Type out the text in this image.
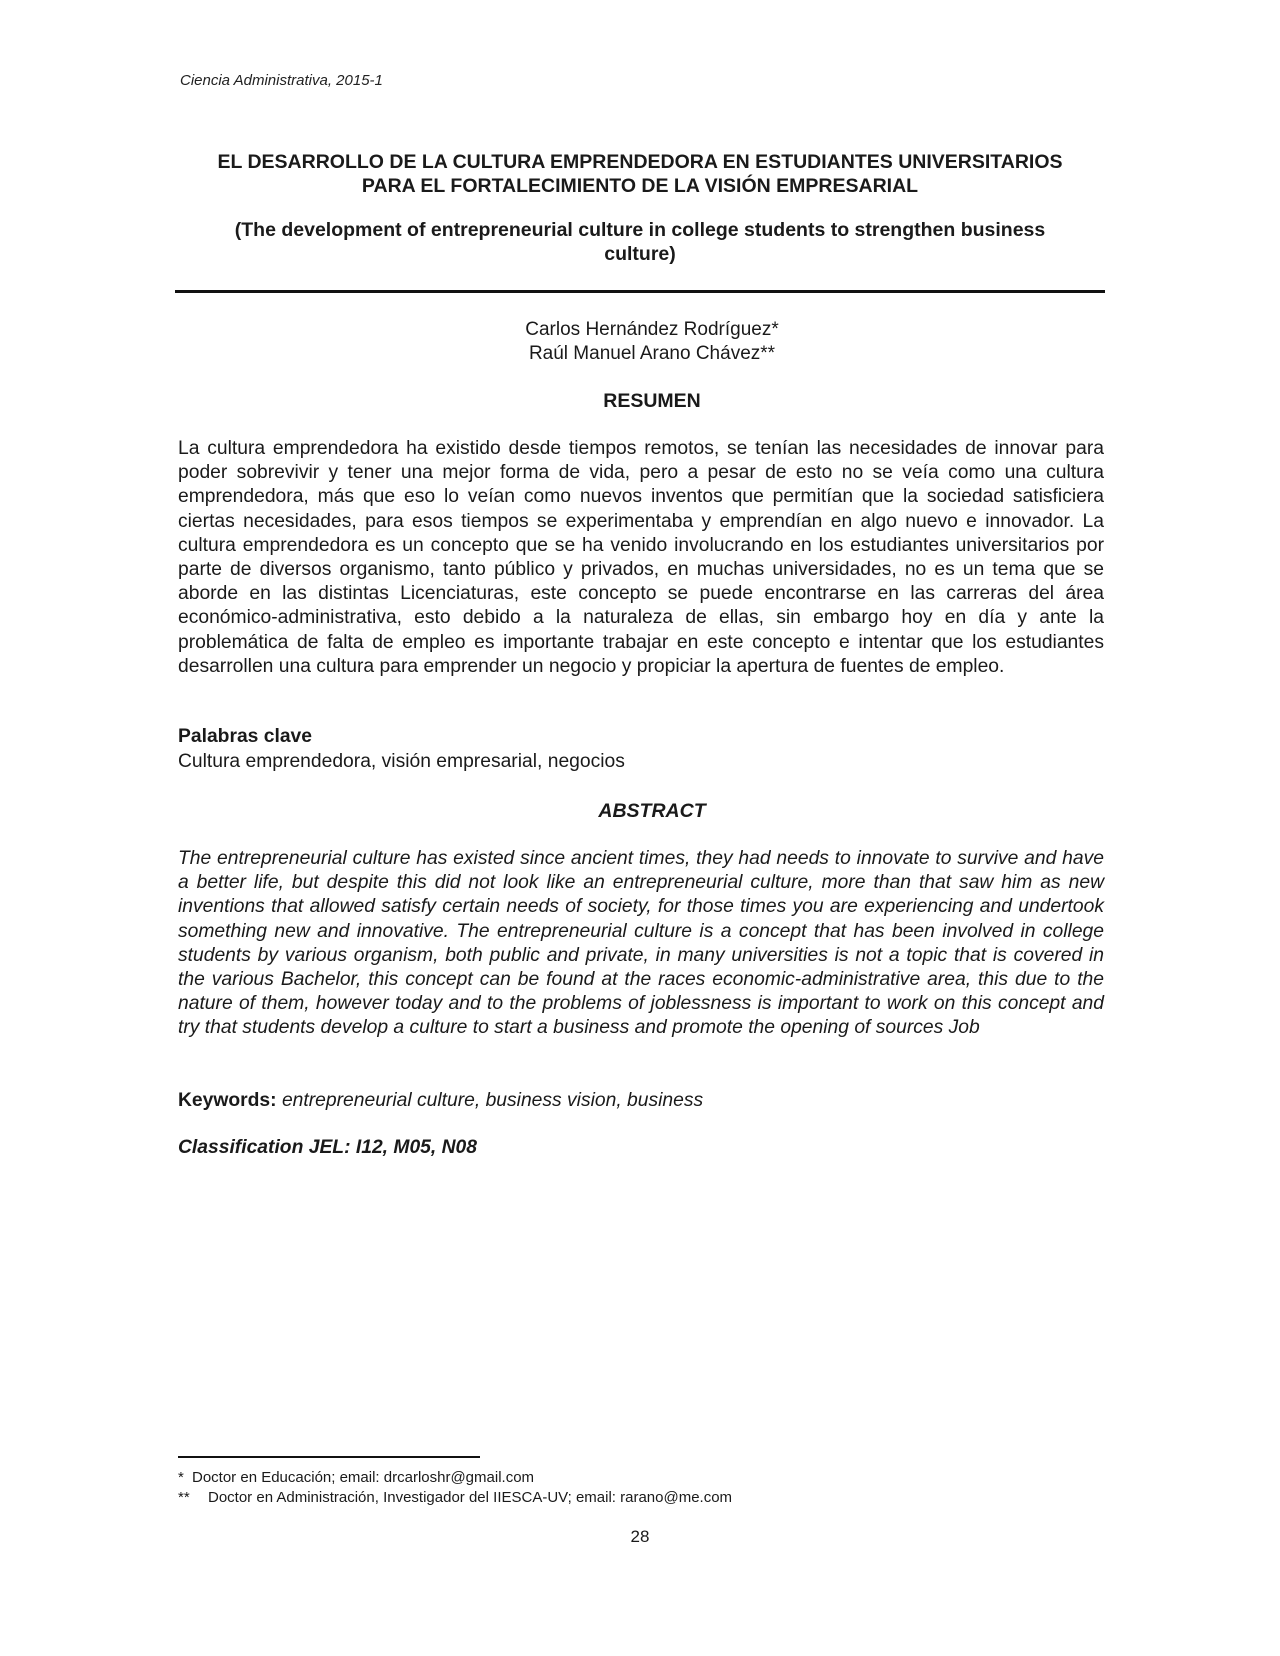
Ciencia Administrativa, 2015-1

EL DESARROLLO DE LA CULTURA EMPRENDEDORA EN ESTUDIANTES UNIVERSITARIOS
PARA EL FORTALECIMIENTO DE LA VISIÓN EMPRESARIAL

(The development of entrepreneurial culture in college students to strengthen business
culture)

Carlos Hernández Rodríguez*
Raúl Manuel Arano Chávez**
RESUMEN

La cultura emprendedora ha existido desde tiempos remotos, se tenían las necesidades de innovar para poder sobrevivir y tener una mejor forma de vida, pero a pesar de esto no se veía como una cultura emprendedora, más que eso lo veían como nuevos inventos que permitían que la sociedad satisficiera ciertas necesidades, para esos tiempos se experimentaba y emprendían en algo nuevo e innovador. La cultura emprendedora es un concepto que se ha venido involucrando en los estudiantes universitarios por parte de diversos organismo, tanto público y privados, en muchas universidades, no es un tema que se aborde en las distintas Licenciaturas, este concepto se puede encontrarse en las carreras del área económico-administrativa, esto debido a la naturaleza de ellas, sin embargo hoy en día y ante la problemática de falta de empleo es importante trabajar en este concepto e intentar que los estudiantes desarrollen una cultura para emprender un negocio y propiciar la apertura de fuentes de empleo.

Palabras clave
Cultura emprendedora, visión empresarial, negocios
ABSTRACT

The entrepreneurial culture has existed since ancient times, they had needs to innovate to survive and have a better life, but despite this did not look like an entrepreneurial culture, more than that saw him as new inventions that allowed satisfy certain needs of society, for those times you are experiencing and undertook something new and innovative. The entrepreneurial culture is a concept that has been involved in college students by various organism, both public and private, in many universities is not a topic that is covered in the various Bachelor, this concept can be found at the races economic-administrative area, this due to the nature of them, however today and to the problems of joblessness is important to work on this concept and try that students develop a culture to start a business and promote the opening of sources Job

Keywords: entrepreneurial culture, business vision, business
Classification JEL: I12, M05, N08
* Doctor en Educación; email: drcarloshr@gmail.com
**	Doctor en Administración, Investigador del IIESCA-UV; email: rarano@me.com
28
